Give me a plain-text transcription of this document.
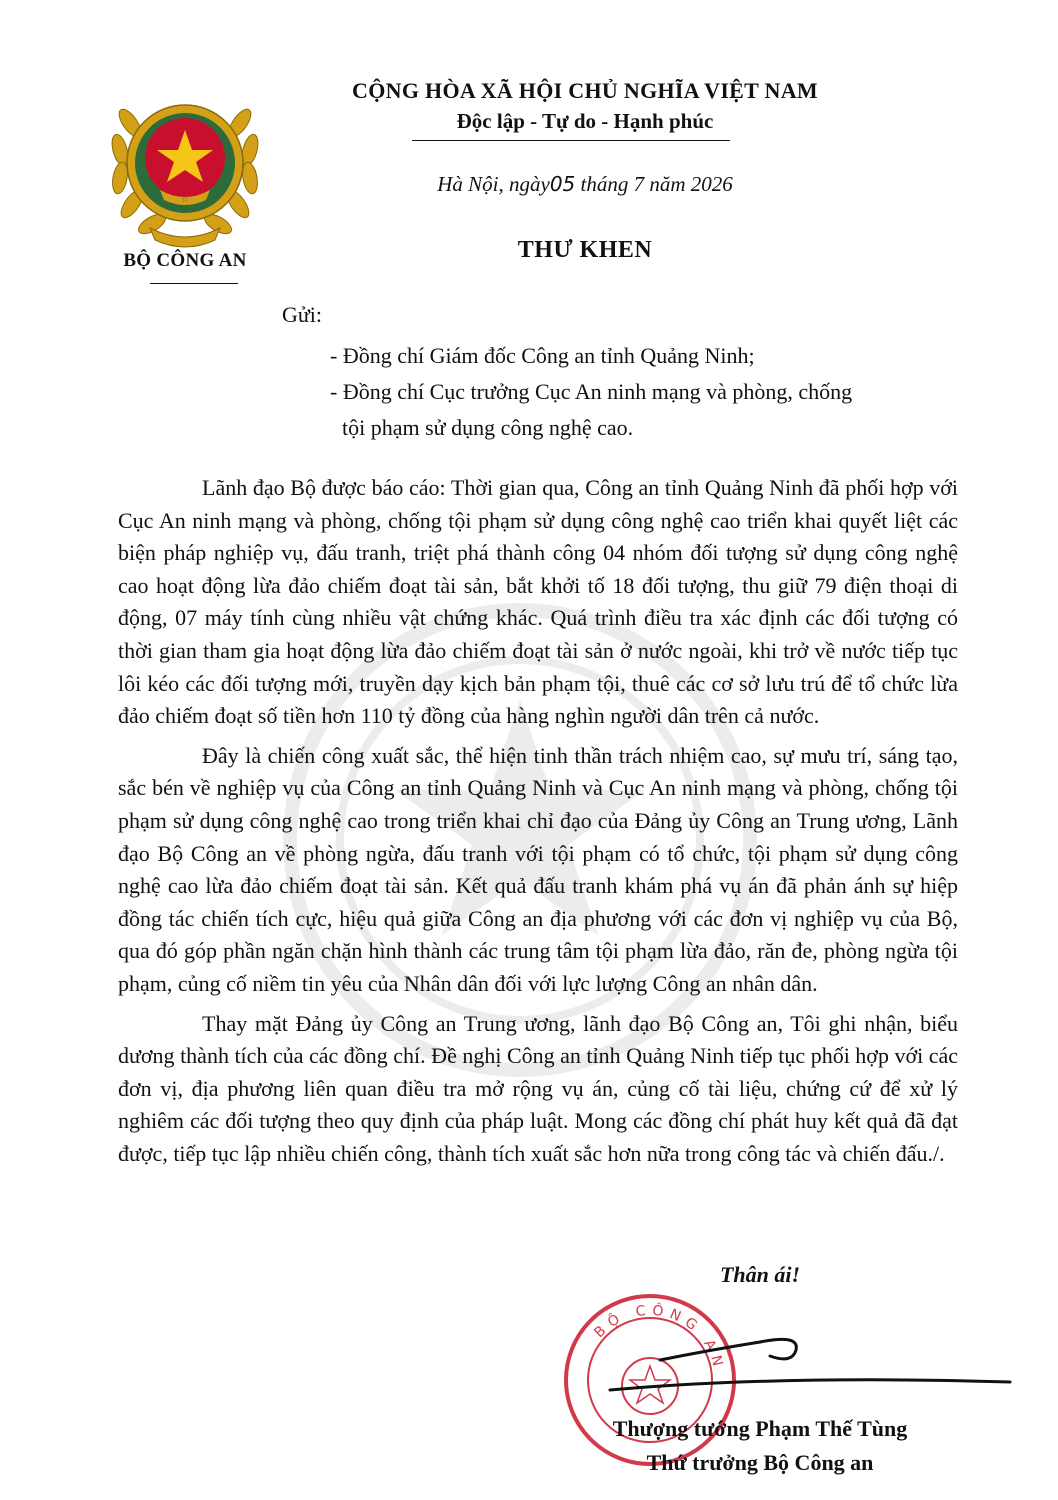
☆
BỘ CÔNG AN
CỘNG HÒA XÃ HỘI CHỦ NGHĨA VIỆT NAM
Độc lập - Tự do - Hạnh phúc
Hà Nội, ngày05 tháng 7 năm 2026
THƯ KHEN
Gửi:
- Đồng chí Giám đốc Công an tỉnh Quảng Ninh;
- Đồng chí Cục trưởng Cục An ninh mạng và phòng, chống
tội phạm sử dụng công nghệ cao.

Lãnh đạo Bộ được báo cáo: Thời gian qua, Công an tỉnh Quảng Ninh đã phối hợp với Cục An ninh mạng và phòng, chống tội phạm sử dụng công nghệ cao triển khai quyết liệt các biện pháp nghiệp vụ, đấu tranh, triệt phá thành công 04 nhóm đối tượng sử dụng công nghệ cao hoạt động lừa đảo chiếm đoạt tài sản, bắt khởi tố 18 đối tượng, thu giữ 79 điện thoại di động, 07 máy tính cùng nhiều vật chứng khác. Quá trình điều tra xác định các đối tượng có thời gian tham gia hoạt động lừa đảo chiếm đoạt tài sản ở nước ngoài, khi trở về nước tiếp tục lôi kéo các đối tượng mới, truyền dạy kịch bản phạm tội, thuê các cơ sở lưu trú để tổ chức lừa đảo chiếm đoạt số tiền hơn 110 tỷ đồng của hàng nghìn người dân trên cả nước.

Đây là chiến công xuất sắc, thể hiện tinh thần trách nhiệm cao, sự mưu trí, sáng tạo, sắc bén về nghiệp vụ của Công an tỉnh Quảng Ninh và Cục An ninh mạng và phòng, chống tội phạm sử dụng công nghệ cao trong triển khai chỉ đạo của Đảng ủy Công an Trung ương, Lãnh đạo Bộ Công an về phòng ngừa, đấu tranh với tội phạm có tổ chức, tội phạm sử dụng công nghệ cao lừa đảo chiếm đoạt tài sản. Kết quả đấu tranh khám phá vụ án đã phản ánh sự hiệp đồng tác chiến tích cực, hiệu quả giữa Công an địa phương với các đơn vị nghiệp vụ của Bộ, qua đó góp phần ngăn chặn hình thành các trung tâm tội phạm lừa đảo, răn đe, phòng ngừa tội phạm, củng cố niềm tin yêu của Nhân dân đối với lực lượng Công an nhân dân.

Thay mặt Đảng ủy Công an Trung ương, lãnh đạo Bộ Công an, Tôi ghi nhận, biểu dương thành tích của các đồng chí. Đề nghị Công an tỉnh Quảng Ninh tiếp tục phối hợp với các đơn vị, địa phương liên quan điều tra mở rộng vụ án, củng cố tài liệu, chứng cứ để xử lý nghiêm các đối tượng theo quy định của pháp luật. Mong các đồng chí phát huy kết quả đã đạt được, tiếp tục lập nhiều chiến công, thành tích xuất sắc hơn nữa trong công tác và chiến đấu./.

Thân ái!
BỘ CÔNG AN
Thượng tướng Phạm Thế Tùng
Thứ trưởng Bộ Công an
